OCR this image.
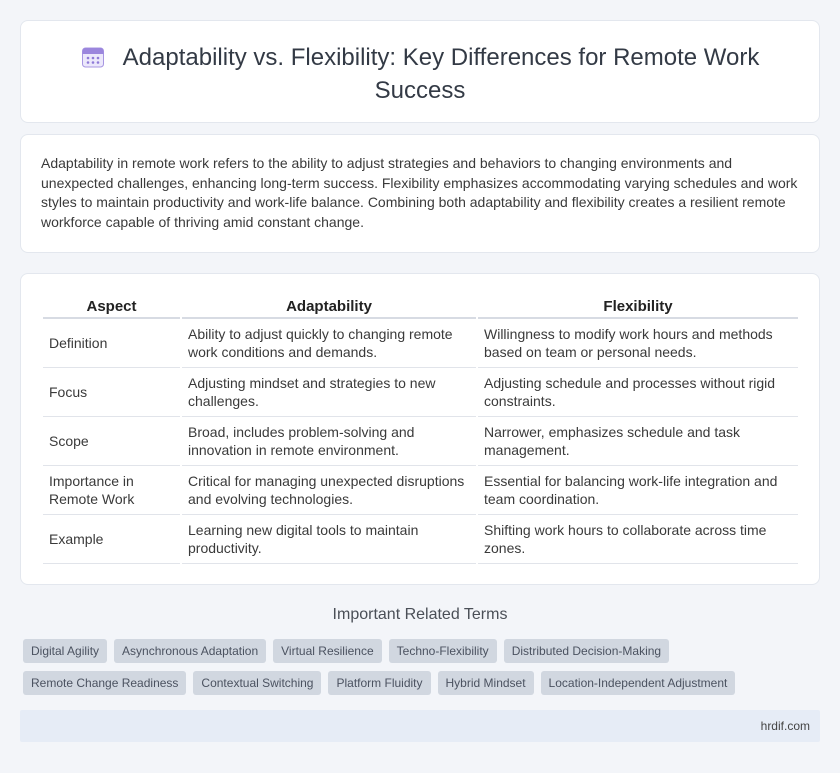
Adaptability vs. Flexibility: Key Differences for Remote Work
Success

Adaptability in remote work refers to the ability to adjust strategies and behaviors to changing environments and unexpected challenges, enhancing long-term success. Flexibility emphasizes accommodating varying schedules and work styles to maintain productivity and work-life balance. Combining both adaptability and flexibility creates a resilient remote workforce capable of thriving amid constant change.

Aspect	Adaptability	Flexibility
Definition	Ability to adjust quickly to changing remote work conditions and demands.	Willingness to modify work hours and methods based on team or personal needs.
Focus	Adjusting mindset and strategies to new challenges.	Adjusting schedule and processes without rigid constraints.
Scope	Broad, includes problem-solving and innovation in remote environment.	Narrower, emphasizes schedule and task management.
Importance in Remote Work	Critical for managing unexpected disruptions and evolving technologies.	Essential for balancing work-life integration and team coordination.
Example	Learning new digital tools to maintain productivity.	Shifting work hours to collaborate across time zones.
Important Related Terms
Digital Agility	Asynchronous Adaptation	Virtual Resilience	Techno-Flexibility	Distributed Decision-Making
Remote Change Readiness	Contextual Switching	Platform Fluidity	Hybrid Mindset	Location-Independent Adjustment
hrdif.com
